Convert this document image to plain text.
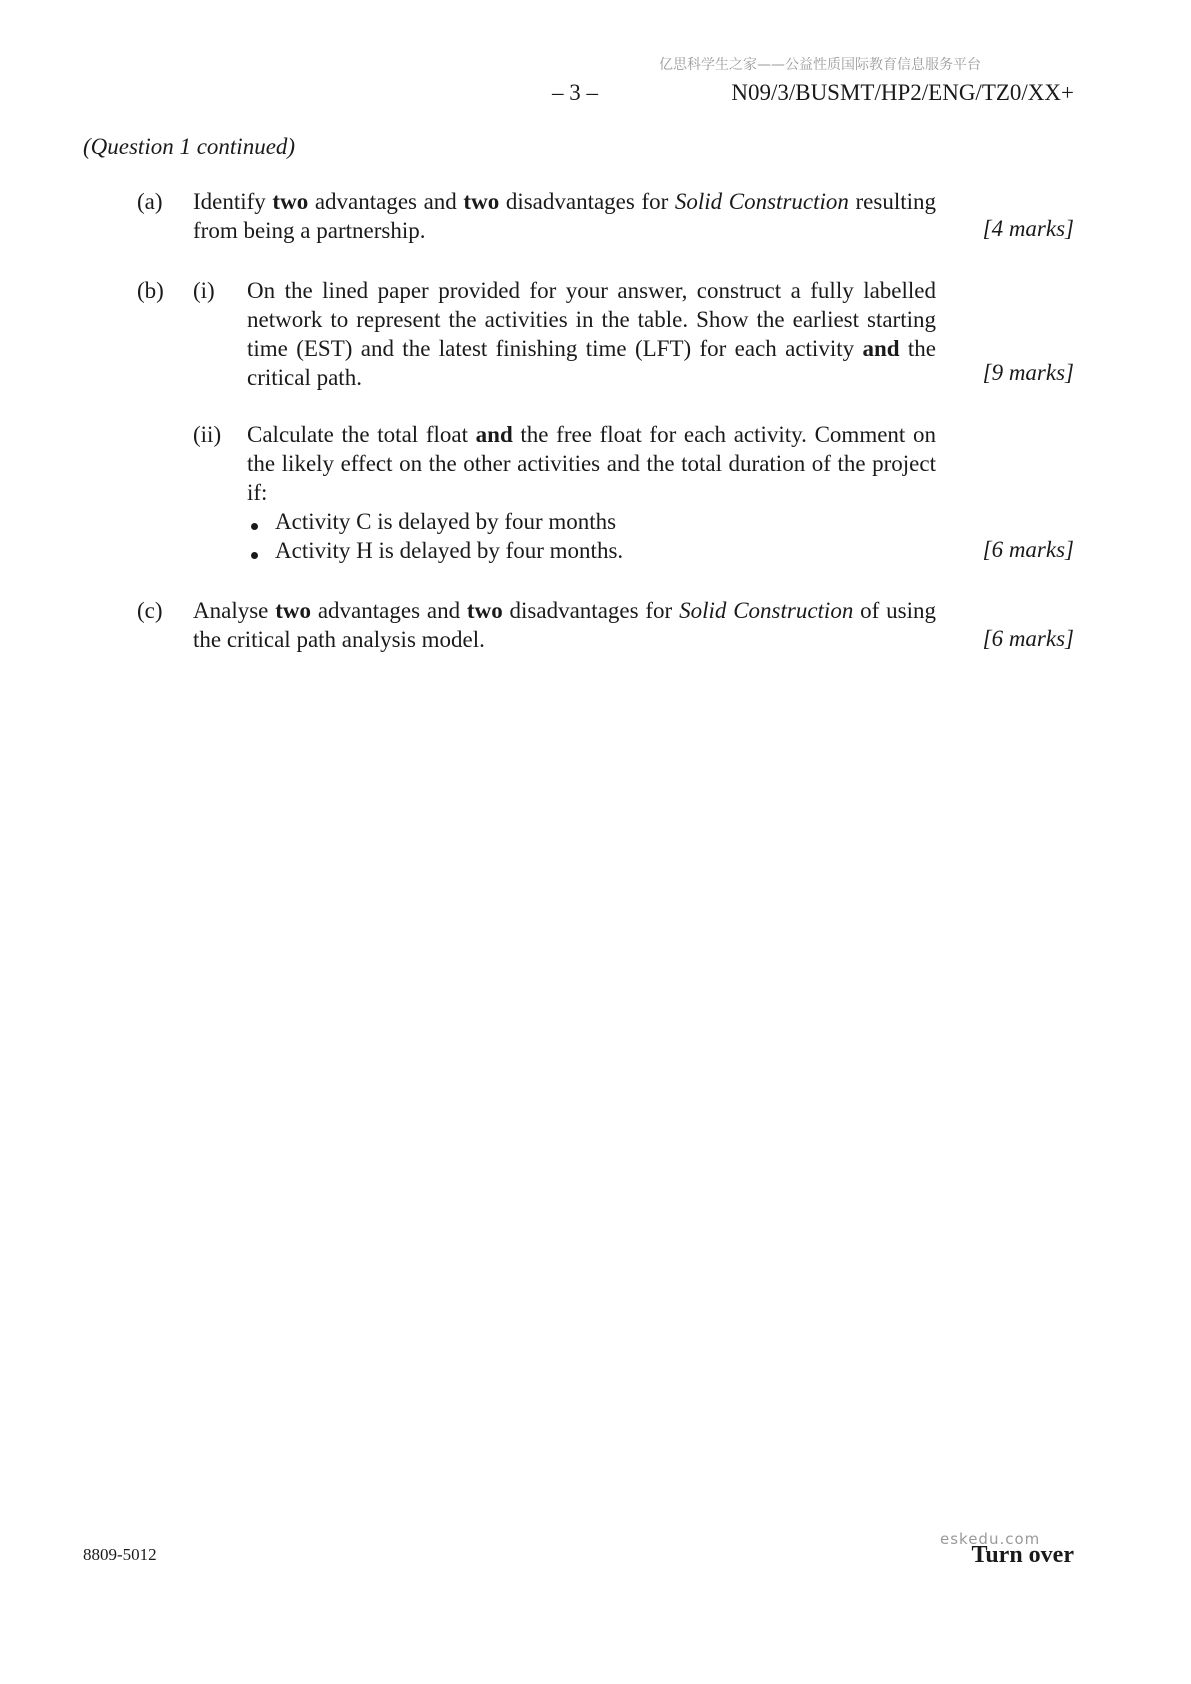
亿思科学生之家——公益性质国际教育信息服务平台
– 3 –	N09/3/BUSMT/HP2/ENG/TZ0/XX+
(Question 1 continued)
(a) Identify two advantages and two disadvantages for Solid Construction resulting from being a partnership.	[4 marks]
(b) (i) On the lined paper provided for your answer, construct a fully labelled network to represent the activities in the table. Show the earliest starting time (EST) and the latest finishing time (LFT) for each activity and the critical path.	[9 marks]
(ii) Calculate the total float and the free float for each activity. Comment on the likely effect on the other activities and the total duration of the project if:
Activity C is delayed by four months
Activity H is delayed by four months.	[6 marks]
(c) Analyse two advantages and two disadvantages for Solid Construction of using the critical path analysis model.	[6 marks]
8809-5012	Turn over
eskedu.com
